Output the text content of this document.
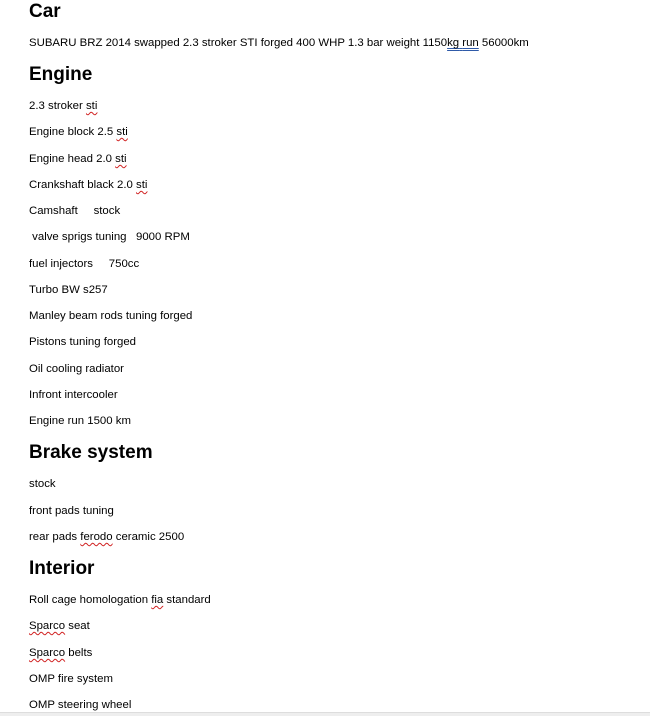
Car

SUBARU BRZ 2014 swapped 2.3 stroker STI forged 400 WHP 1.3 bar weight 1150kg run 56000km

Engine

2.3 stroker sti

Engine block 2.5 sti

Engine head 2.0 sti

Crankshaft black 2.0 sti

Camshaft     stock

valve sprigs tuning   9000 RPM

fuel injectors     750cc

Turbo BW s257

Manley beam rods tuning forged

Pistons tuning forged

Oil cooling radiator

Infront intercooler

Engine run 1500 km

Brake system

stock

front pads tuning

rear pads ferodo ceramic 2500

Interior

Roll cage homologation fia standard

Sparco seat

Sparco belts

OMP fire system

OMP steering wheel
